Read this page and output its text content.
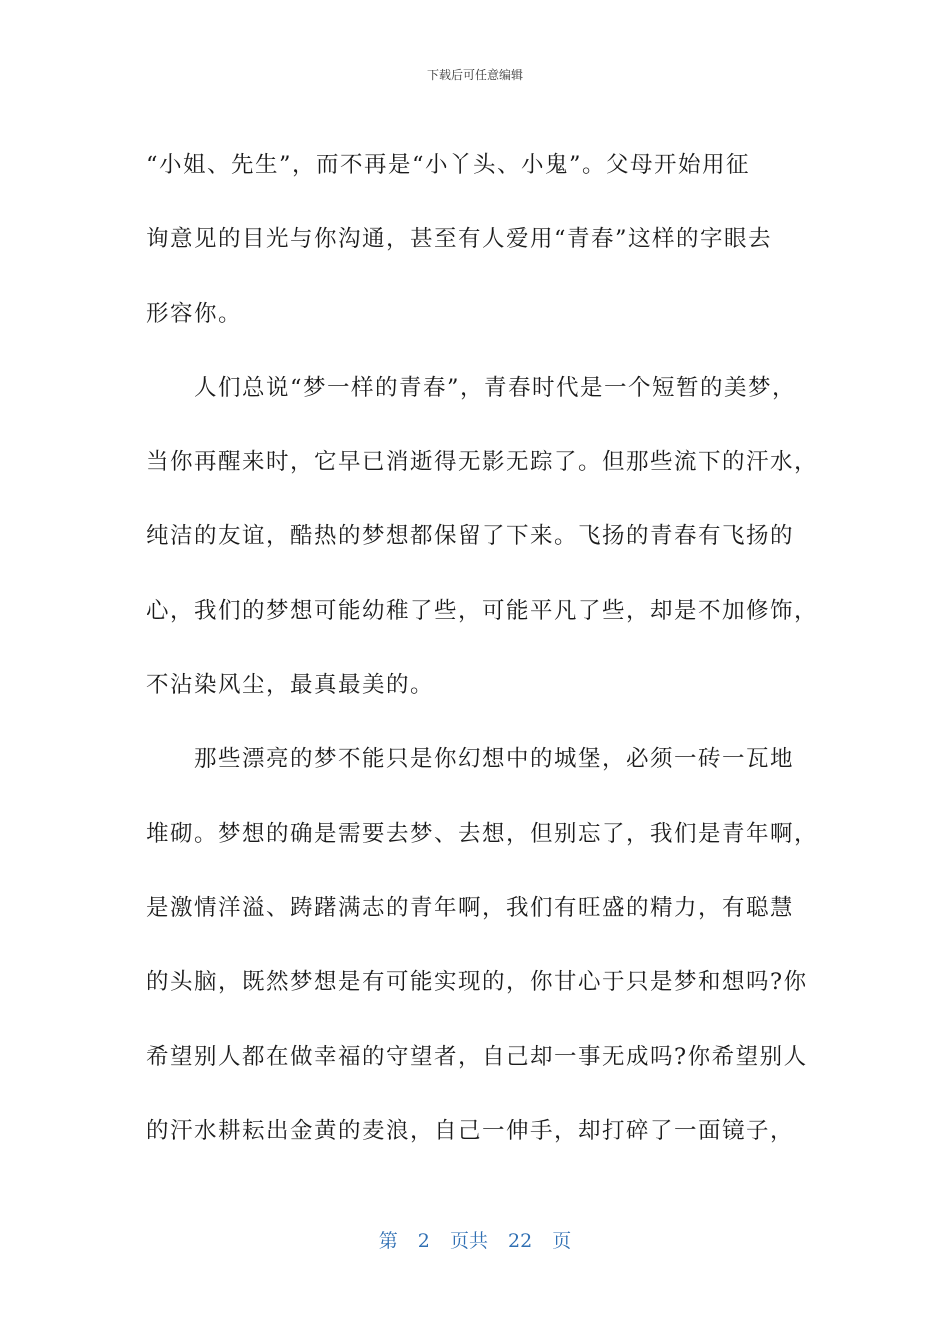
下载后可任意编辑
“小姐、先生”，而不再是“小丫头、小鬼”。父母开始用征
询意见的目光与你沟通，甚至有人爱用“青春”这样的字眼去
形容你。
人们总说“梦一样的青春”，青春时代是一个短暂的美梦，
当你再醒来时，它早已消逝得无影无踪了。但那些流下的汗水，
纯洁的友谊，酷热的梦想都保留了下来。飞扬的青春有飞扬的
心，我们的梦想可能幼稚了些，可能平凡了些，却是不加修饰，
不沾染风尘，最真最美的。
那些漂亮的梦不能只是你幻想中的城堡，必须一砖一瓦地
堆砌。梦想的确是需要去梦、去想，但别忘了，我们是青年啊，
是激情洋溢、踌躇满志的青年啊，我们有旺盛的精力，有聪慧
的头脑，既然梦想是有可能实现的，你甘心于只是梦和想吗?你
希望别人都在做幸福的守望者，自己却一事无成吗?你希望别人
的汗水耕耘出金黄的麦浪，自己一伸手，却打碎了一面镜子，
第 2 页共 22 页
